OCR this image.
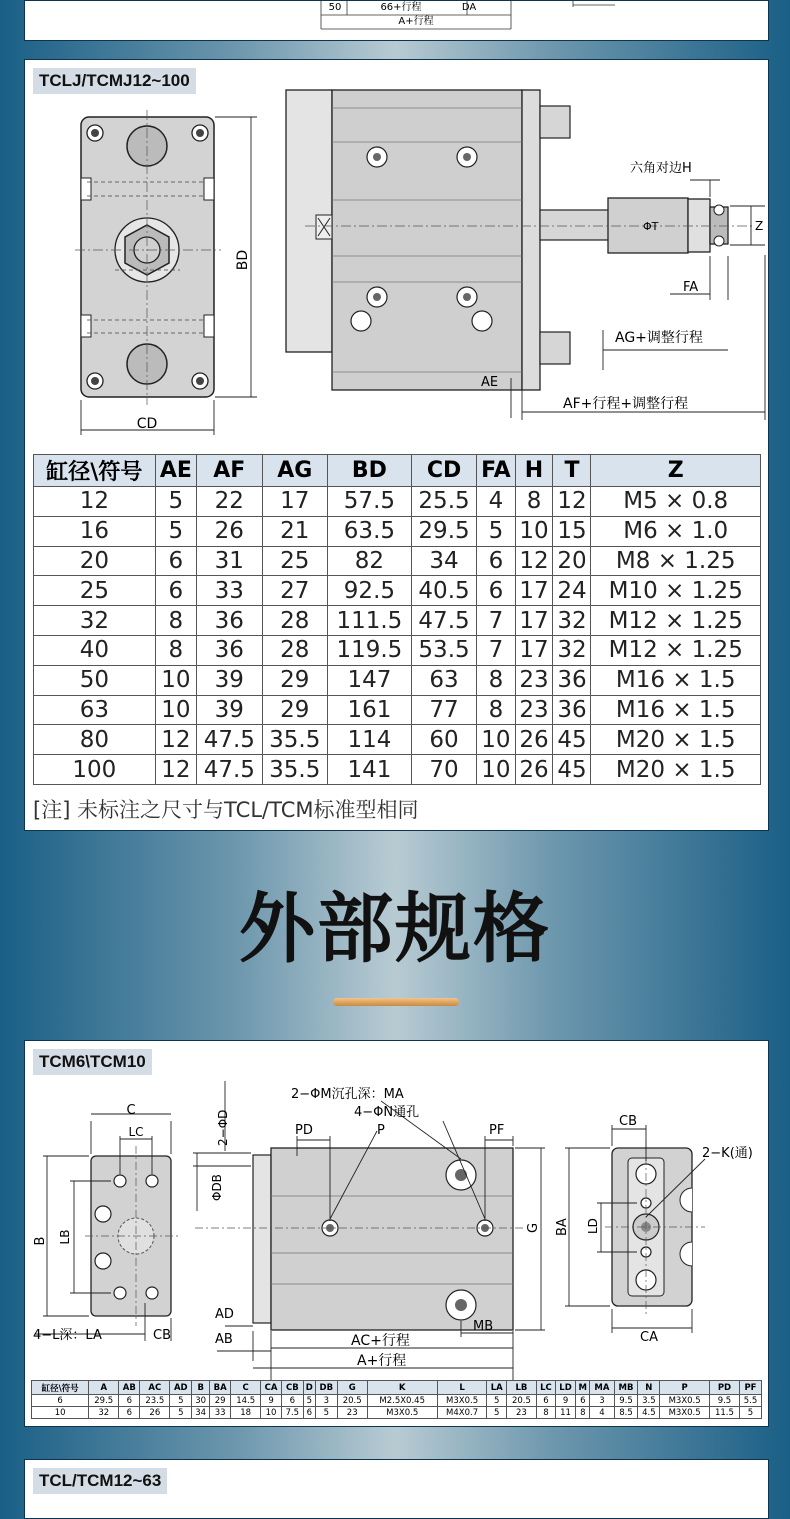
50	66+行程	DA
A+行程
TCLJ/TCMJ12~100
BD
CD
六角对边H
ΦT	Z
FA
AG+调整行程
AE
AF+行程+调整行程
缸径\符号	AE	AF	AG	BD	CD	FA	H	T	Z
12	5	22	17	57.5	25.5	4	8	12	M5 × 0.8
16	5	26	21	63.5	29.5	5	10	15	M6 × 1.0
20	6	31	25	82	34	6	12	20	M8 × 1.25
25	6	33	27	92.5	40.5	6	17	24	M10 × 1.25
32	8	36	28	111.5	47.5	7	17	32	M12 × 1.25
40	8	36	28	119.5	53.5	7	17	32	M12 × 1.25
50	10	39	29	147	63	8	23	36	M16 × 1.5
63	10	39	29	161	77	8	23	36	M16 × 1.5
80	12	47.5	35.5	114	60	10	26	45	M20 × 1.5
100	12	47.5	35.5	141	70	10	26	45	M20 × 1.5
[注] 未标注之尺寸与TCL/TCM标准型相同
外部规格
TCM6\TCM10
C
LC
B LB
4−L深：LA	CB
2−ΦD
ΦDB
2−ΦM沉孔深：MA
4−ΦN通孔
PD	P	PF
G
AD
AB
MB
AC+行程
A+行程
CB
2−K(通)
BA LD
CA
缸径\符号	A	AB	AC	AD	B	BA	C	CA	CB	D	DB	G	K	L	LA	LB	LC	LD	M	MA	MB	N	P	PD	PF
6	29.5	6	23.5	5	30	29	14.5	9	6	5	3	20.5	M2.5X0.45	M3X0.5	5	20.5	6	9	6	3	9.5	3.5	M3X0.5	9.5	5.5
10	32	6	26	5	34	33	18	10	7.5	6	5	23	M3X0.5	M4X0.7	5	23	8	11	8	4	8.5	4.5	M3X0.5	11.5	5
TCL/TCM12~63
